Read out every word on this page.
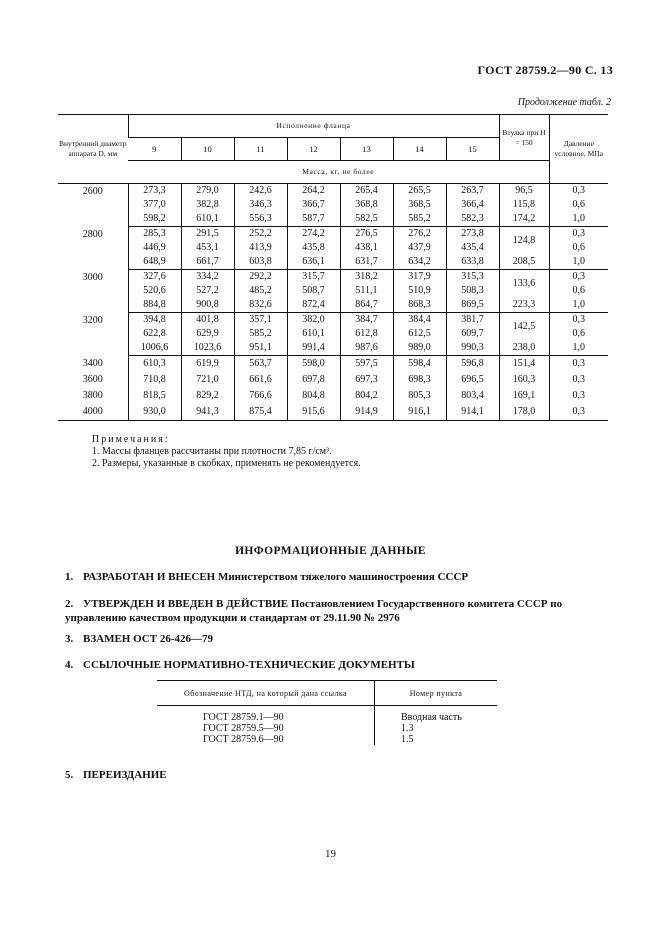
ГОСТ 28759.2—90 С. 13
Продолжение табл. 2
Внутренний диаметр аппарата D, мм	Исполнение фланца							Втулка при H = 150	Давление условное, МПа
	9	10	11	12	13	14	15		
	Масса, кг, не более								
2600	273,3	279,0	242,6	264,2	265,4	265,5	263,7	96,5	0,3
	377,0	382,8	346,3	366,7	368,8	368,5	366,4	115,8	0,6
	598,2	610,1	556,3	587,7	582,5	585,2	582,3	174,2	1,0
2800	285,3	291,5	252,2	274,2	276,5	276,2	273,8	124,8	0,3
	446,9	453,1	413,9	435,8	438,1	437,9	435,4		0,6
	648,9	661,7	603,8	636,1	631,7	634,2	633,8	208,5	1,0
3000	327,6	334,2	292,2	315,7	318,2	317,9	315,3	133,6	0,3
	520,6	527,2	485,2	508,7	511,1	510,9	508,3		0,6
	884,8	900,8	832,6	872,4	864,7	868,3	869,5	223,3	1,0
3200	394,8	401,8	357,1	382,0	384,7	384,4	381,7	142,5	0,3
	622,8	629,9	585,2	610,1	612,8	612,5	609,7		0,6
	1006,6	1023,6	951,1	991,4	987,6	989,0	990,3	238,0	1,0
3400	610,3	619,9	563,7	598,0	597,5	598,4	596,8	151,4	0,3
3600	710,8	721,0	661,6	697,8	697,3	698,3	696,5	160,3	0,3
3800	818,5	829,2	766,6	804,8	804,2	805,3	803,4	169,1	0,3
4000	930,0	941,3	875,4	915,6	914,9	916,1	914,1	178,0	0,3
Примечания:
1. Массы фланцев рассчитаны при плотности 7,85 г/см³.
2. Размеры, указанные в скобках, применять не рекомендуется.
ИНФОРМАЦИОННЫЕ ДАННЫЕ
1. РАЗРАБОТАН И ВНЕСЕН Министерством тяжелого машиностроения СССР
2. УТВЕРЖДЕН И ВВЕДЕН В ДЕЙСТВИЕ Постановлением Государственного комитета СССР по управлению качеством продукции и стандартам от 29.11.90 № 2976
3. ВЗАМЕН ОСТ 26-426—79
4. ССЫЛОЧНЫЕ НОРМАТИВНО-ТЕХНИЧЕСКИЕ ДОКУМЕНТЫ
Обозначение НТД, на который дана ссылка	Номер пункта
ГОСТ 28759.1—90	Вводная часть
ГОСТ 28759.5—90	1.3
ГОСТ 28759.6—90	1.5
5. ПЕРЕИЗДАНИЕ
19
